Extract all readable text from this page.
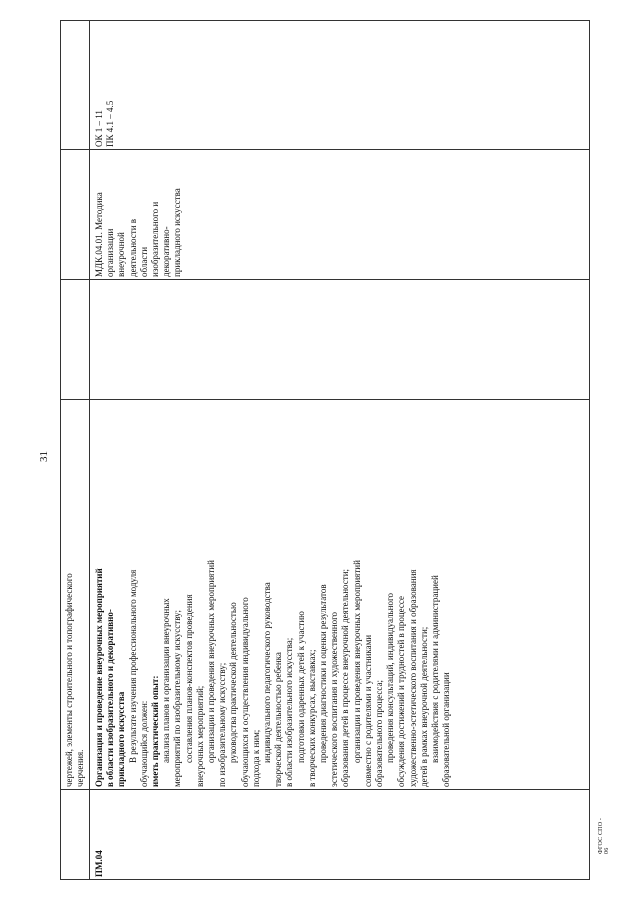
31
чертежей, элементы строительного и топографического черчения.
ПМ.04
Организация и проведение внеурочных мероприятий в области изобразительного и декоративно- прикладного искусства В результате изучения профессионального модуля обучающийся должен: иметь практический опыт: анализа планов и организации внеурочных мероприятий по изобразительному искусству; составления планов-конспектов проведения внеурочных мероприятий; организации и проведения внеурочных мероприятий по изобразительному искусству; руководства практической деятельностью обучающихся и осуществления индивидуального подхода к ним; индивидуального педагогического руководства творческой деятельностью ребенка в области изобразительного искусства; подготовки одаренных детей к участию в творческих конкурсах, выставках; проведения диагностики и оценки результатов эстетического воспитания и художественного образования детей в процессе внеурочной деятельности; организации и проведения внеурочных мероприятий совместно с родителями и участниками образовательного процесса; проведения консультаций, индивидуального обсуждения достижений и трудностей в процессе художественно-эстетического воспитания и образования детей в рамках внеурочной деятельности; взаимодействия с родителями и администрацией образовательной организации
МДК.04.01. Методика организации внеурочной деятельности в области изобразительного и декоративно- прикладного искусства
ОК 1 – 11 ПК 4.1 – 4.5
ФГОС СПО - 06
